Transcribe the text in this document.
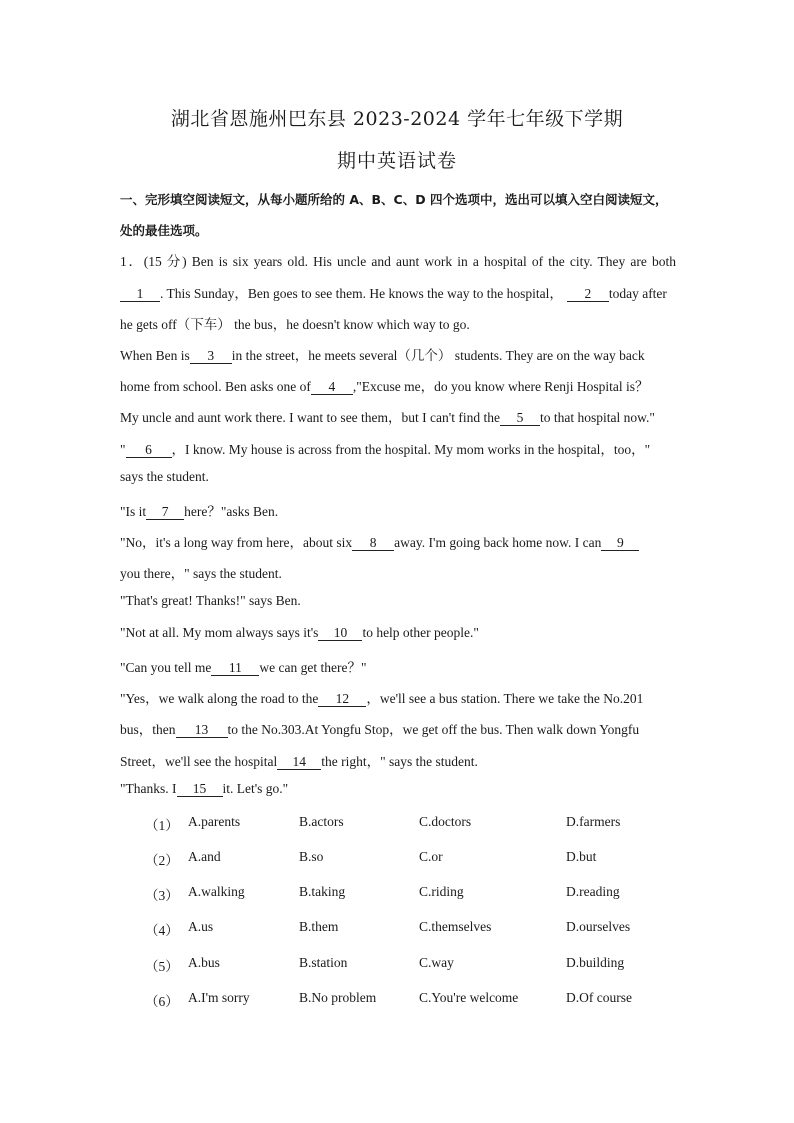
湖北省恩施州巴东县 2023-2024 学年七年级下学期
期中英语试卷
一、完形填空阅读短文，从每小题所给的 A、B、C、D 四个选项中，选出可以填入空白阅读短文，处的最佳选项。
1．(15 分) Ben is six years old. His uncle and aunt work in a hospital of the city. They are both
1 . This Sunday，Ben goes to see them. He knows the way to the hospital， 2 today after
he gets off（下车） the bus，he doesn't know which way to go.
When Ben is 3 in the street，he meets several（几个） students. They are on the way back
home from school. Ben asks one of 4 ,"Excuse me，do you know where Renji Hospital is？
My uncle and aunt work there. I want to see them，but I can't find the 5 to that hospital now."
" 6 ，I know. My house is across from the hospital. My mom works in the hospital，too，"
says the student.
"Is it 7 here？"asks Ben.
"No，it's a long way from here，about six 8 away. I'm going back home now. I can 9
you there，" says the student.
"That's great! Thanks!" says Ben.
"Not at all. My mom always says it's 10 to help other people."
"Can you tell me 11 we can get there？"
"Yes，we walk along the road to the 12 ，we'll see a bus station. There we take the No.201
bus，then 13 to the No.303.At Yongfu Stop，we get off the bus. Then walk down Yongfu
Street，we'll see the hospital 14 the right，" says the student.
"Thanks. I 15 it. Let's go."
（1） A.parents	B.actors	C.doctors	D.farmers
（2） A.and	B.so	C.or	D.but
（3） A.walking	B.taking	C.riding	D.reading
（4） A.us	B.them	C.themselves	D.ourselves
（5） A.bus	B.station	C.way	D.building
（6） A.I'm sorry	B.No problem	C.You're welcome	D.Of course
